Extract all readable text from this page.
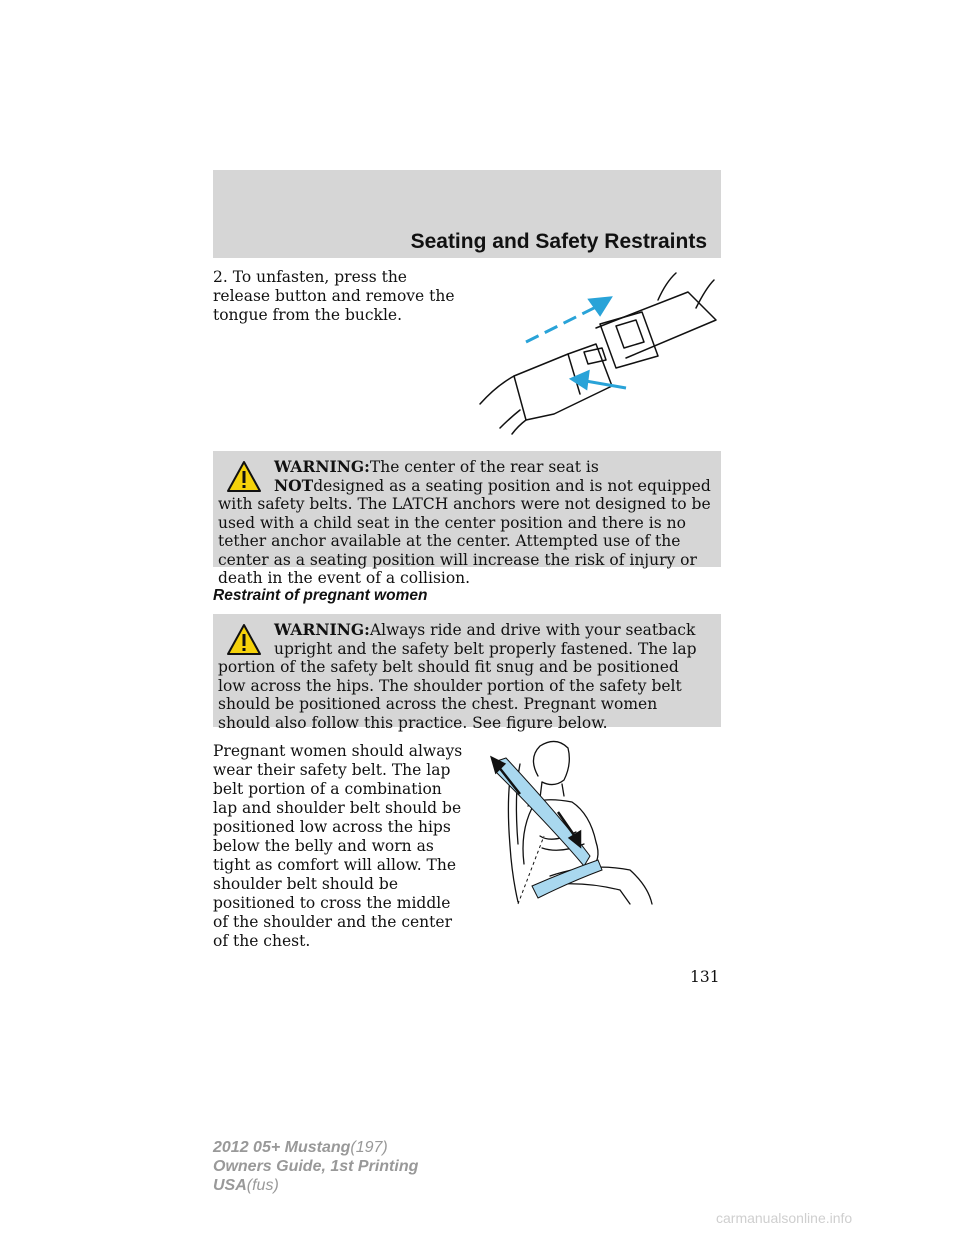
Seating and Safety Restraints
2. To unfasten, press the release button and remove the tongue from the buckle.
WARNING:The center of the rear seat is NOTdesigned as a seating position and is not equipped with safety belts. The LATCH anchors were not designed to be used with a child seat in the center position and there is no tether anchor available at the center. Attempted use of the center as a seating position will increase the risk of injury or death in the event of a collision.
Restraint of pregnant women
WARNING:Always ride and drive with your seatback upright and the safety belt properly fastened. The lap portion of the safety belt should fit snug and be positioned low across the hips. The shoulder portion of the safety belt should be positioned across the chest. Pregnant women should also follow this practice. See figure below.
Pregnant women should always wear their safety belt. The lap belt portion of a combination lap and shoulder belt should be positioned low across the hips below the belly and worn as tight as comfort will allow. The shoulder belt should be positioned to cross the middle of the shoulder and the center of the chest.
131
2012 05+ Mustang(197)
Owners Guide, 1st Printing
USA(fus)
carmanualsonline.info
